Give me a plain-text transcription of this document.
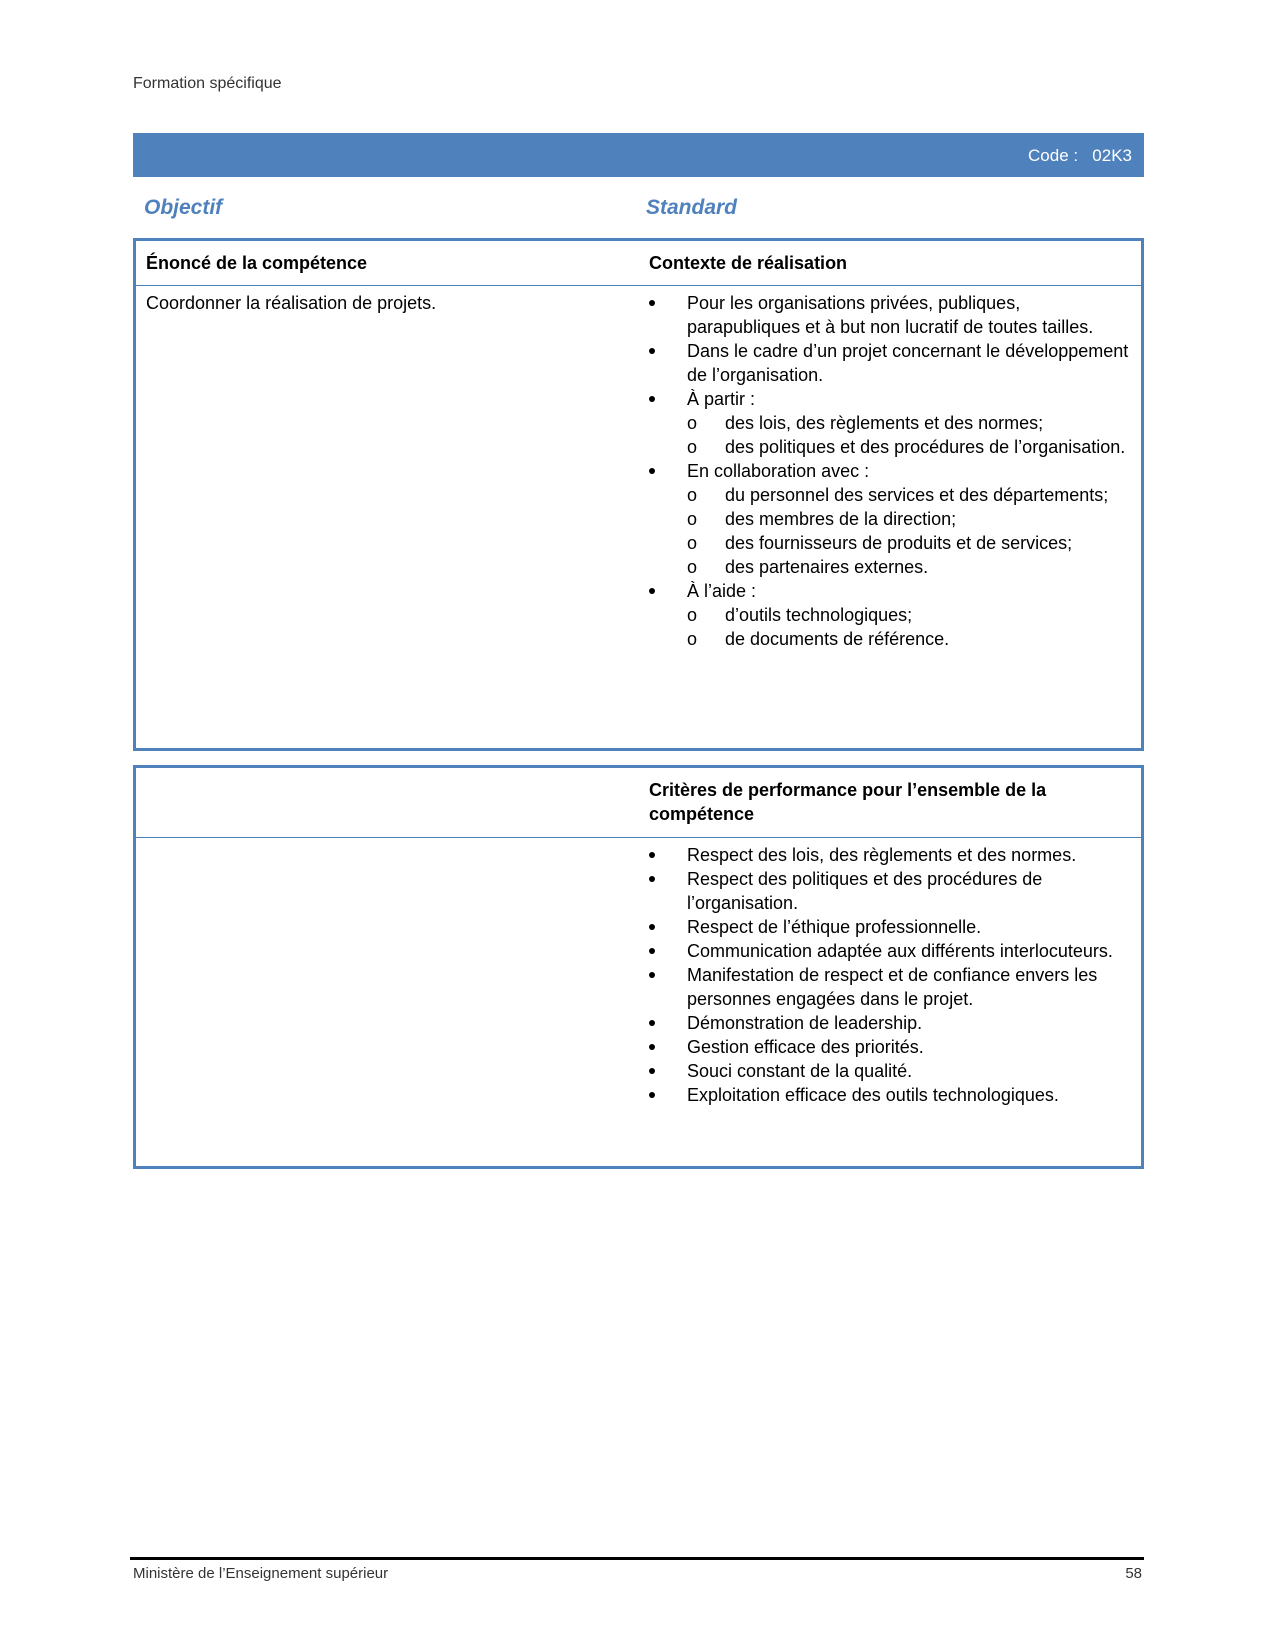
Formation spécifique
Code :   02K3
Objectif	Standard
Énoncé de la compétence	Contexte de réalisation
Coordonner la réalisation de projets.	Pour les organisations privées, publiques, parapubliques et à but non lucratif de toutes tailles.
Dans le cadre d’un projet concernant le développement de l’organisation.
À partir :
o des lois, des règlements et des normes;
o des politiques et des procédures de l’organisation.
En collaboration avec :
o du personnel des services et des départements;
o des membres de la direction;
o des fournisseurs de produits et de services;
o des partenaires externes.
À l’aide :
o d’outils technologiques;
o de documents de référence.
Critères de performance pour l’ensemble de la compétence
Respect des lois, des règlements et des normes.
Respect des politiques et des procédures de l’organisation.
Respect de l’éthique professionnelle.
Communication adaptée aux différents interlocuteurs.
Manifestation de respect et de confiance envers les personnes engagées dans le projet.
Démonstration de leadership.
Gestion efficace des priorités.
Souci constant de la qualité.
Exploitation efficace des outils technologiques.
Ministère de l’Enseignement supérieur	58
